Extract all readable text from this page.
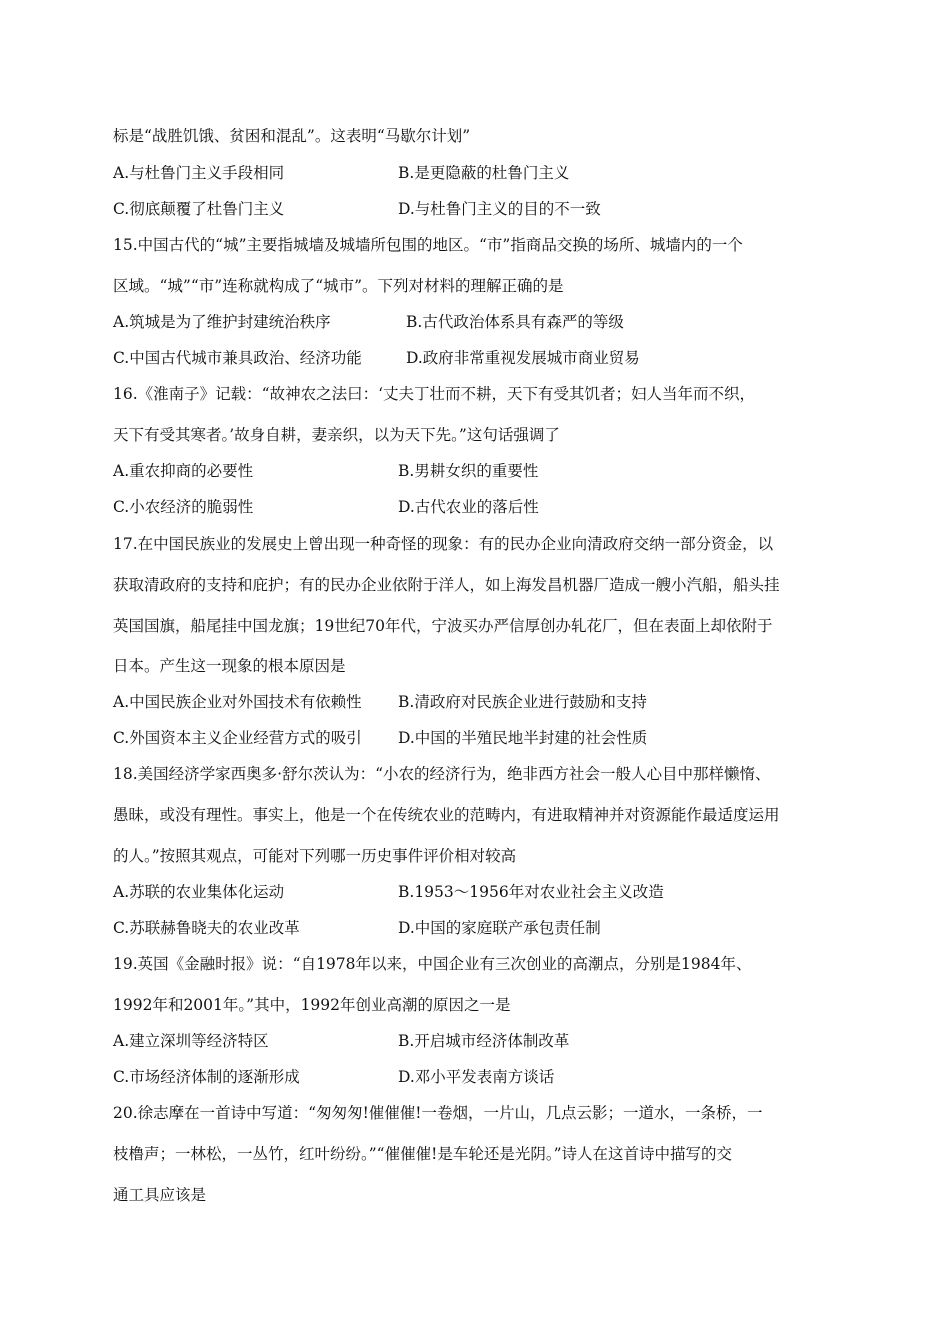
标是“战胜饥饿、贫困和混乱”。这表明“马歇尔计划”
A.与杜鲁门主义手段相同	B.是更隐蔽的杜鲁门主义
C.彻底颠覆了杜鲁门主义	D.与杜鲁门主义的目的不一致
15.中国古代的“城”主要指城墙及城墙所包围的地区。“市”指商品交换的场所、城墙内的一个
区域。“城”“市”连称就构成了“城市”。下列对材料的理解正确的是
A.筑城是为了维护封建统治秩序	B.古代政治体系具有森严的等级
C.中国古代城市兼具政治、经济功能	D.政府非常重视发展城市商业贸易
16.《淮南子》记载：“故神农之法曰：‘丈夫丁壮而不耕，天下有受其饥者；妇人当年而不织，
天下有受其寒者。’故身自耕，妻亲织，以为天下先。”这句话强调了
A.重农抑商的必要性	B.男耕女织的重要性
C.小农经济的脆弱性	D.古代农业的落后性
17.在中国民族业的发展史上曾出现一种奇怪的现象：有的民办企业向清政府交纳一部分资金，以
获取清政府的支持和庇护；有的民办企业依附于洋人，如上海发昌机器厂造成一艘小汽船，船头挂
英国国旗，船尾挂中国龙旗；19世纪70年代，宁波买办严信厚创办轧花厂，但在表面上却依附于
日本。产生这一现象的根本原因是
A.中国民族企业对外国技术有依赖性 B.清政府对民族企业进行鼓励和支持
C.外国资本主义企业经营方式的吸引 D.中国的半殖民地半封建的社会性质
18.美国经济学家西奥多·舒尔茨认为：“小农的经济行为，绝非西方社会一般人心目中那样懒惰、
愚昧，或没有理性。事实上，他是一个在传统农业的范畴内，有进取精神并对资源能作最适度运用
的人。”按照其观点，可能对下列哪一历史事件评价相对较高
A.苏联的农业集体化运动	B.1953～1956年对农业社会主义改造
C.苏联赫鲁晓夫的农业改革	D.中国的家庭联产承包责任制
19.英国《金融时报》说：“自1978年以来，中国企业有三次创业的高潮点，分别是1984年、
1992年和2001年。”其中，1992年创业高潮的原因之一是
A.建立深圳等经济特区	B.开启城市经济体制改革
C.市场经济体制的逐渐形成	D.邓小平发表南方谈话
20.徐志摩在一首诗中写道：“匆匆匆!催催催!一卷烟，一片山，几点云影；一道水，一条桥，一
枝橹声；一林松，一丛竹，红叶纷纷。”“催催催!是车轮还是光阴。”诗人在这首诗中描写的交
通工具应该是
